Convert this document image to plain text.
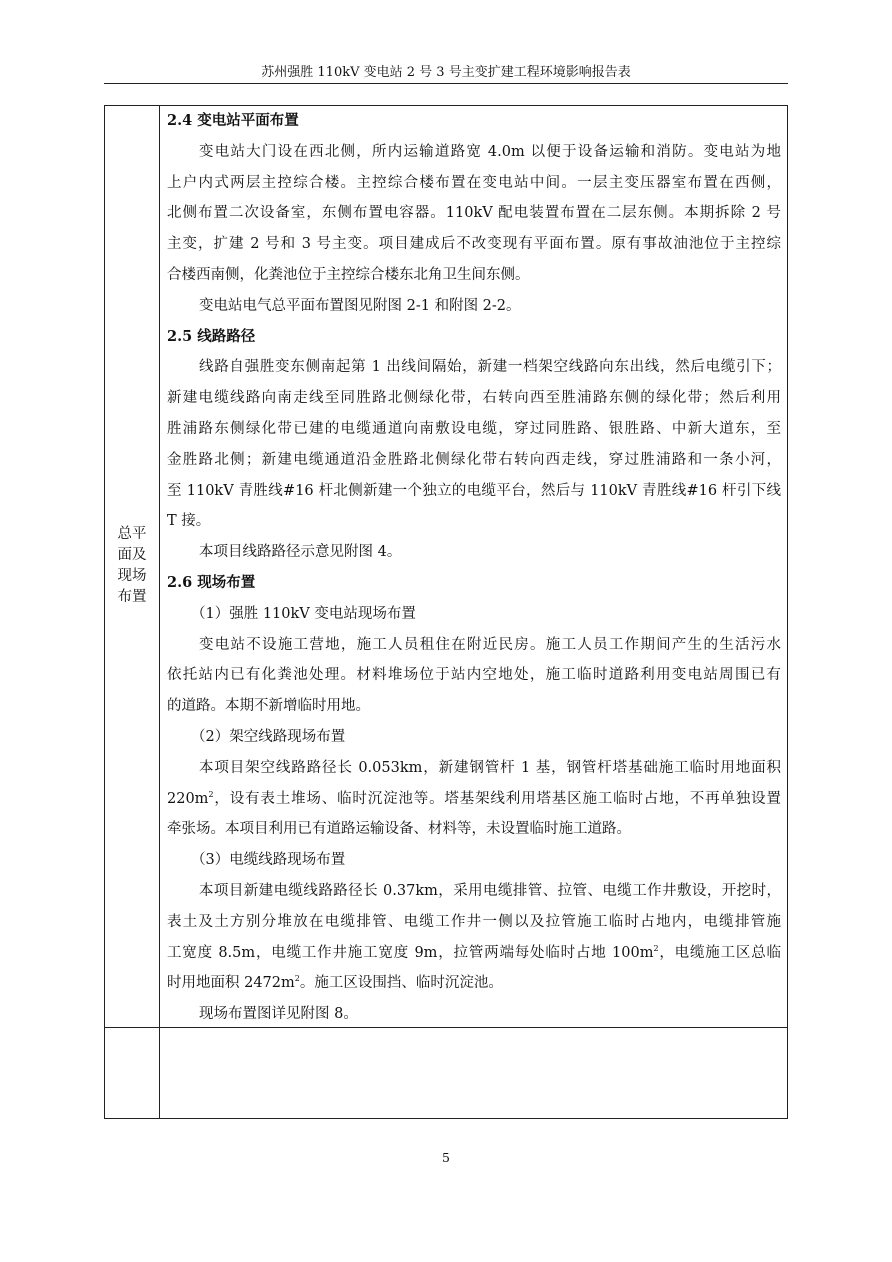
苏州强胜 110kV 变电站 2 号 3 号主变扩建工程环境影响报告表
总平
面及
现场
布置
2.4 变电站平面布置
变电站大门设在西北侧，所内运输道路宽 4.0m 以便于设备运输和消防。变电站为地
上户内式两层主控综合楼。主控综合楼布置在变电站中间。一层主变压器室布置在西侧，
北侧布置二次设备室，东侧布置电容器。110kV 配电装置布置在二层东侧。本期拆除 2 号
主变，扩建 2 号和 3 号主变。项目建成后不改变现有平面布置。原有事故油池位于主控综
合楼西南侧，化粪池位于主控综合楼东北角卫生间东侧。
变电站电气总平面布置图见附图 2-1 和附图 2-2。
2.5 线路路径
线路自强胜变东侧南起第 1 出线间隔始，新建一档架空线路向东出线，然后电缆引下；
新建电缆线路向南走线至同胜路北侧绿化带，右转向西至胜浦路东侧的绿化带；然后利用
胜浦路东侧绿化带已建的电缆通道向南敷设电缆，穿过同胜路、银胜路、中新大道东，至
金胜路北侧；新建电缆通道沿金胜路北侧绿化带右转向西走线，穿过胜浦路和一条小河，
至 110kV 青胜线#16 杆北侧新建一个独立的电缆平台，然后与 110kV 青胜线#16 杆引下线
T 接。
本项目线路路径示意见附图 4。
2.6 现场布置
（1）强胜 110kV 变电站现场布置
变电站不设施工营地，施工人员租住在附近民房。施工人员工作期间产生的生活污水
依托站内已有化粪池处理。材料堆场位于站内空地处，施工临时道路利用变电站周围已有
的道路。本期不新增临时用地。
（2）架空线路现场布置
本项目架空线路路径长 0.053km，新建钢管杆 1 基，钢管杆塔基础施工临时用地面积
$220m^2$，设有表土堆场、临时沉淀池等。塔基架线利用塔基区施工临时占地，不再单独设置
牵张场。本项目利用已有道路运输设备、材料等，未设置临时施工道路。
（3）电缆线路现场布置
本项目新建电缆线路路径长 0.37km，采用电缆排管、拉管、电缆工作井敷设，开挖时，
表土及土方别分堆放在电缆排管、电缆工作井一侧以及拉管施工临时占地内，电缆排管施
工宽度 8.5m，电缆工作井施工宽度 9m，拉管两端每处临时占地 $100m^2$，电缆施工区总临
时用地面积 $2472m^2$。施工区设围挡、临时沉淀池。
现场布置图详见附图 8。
5
